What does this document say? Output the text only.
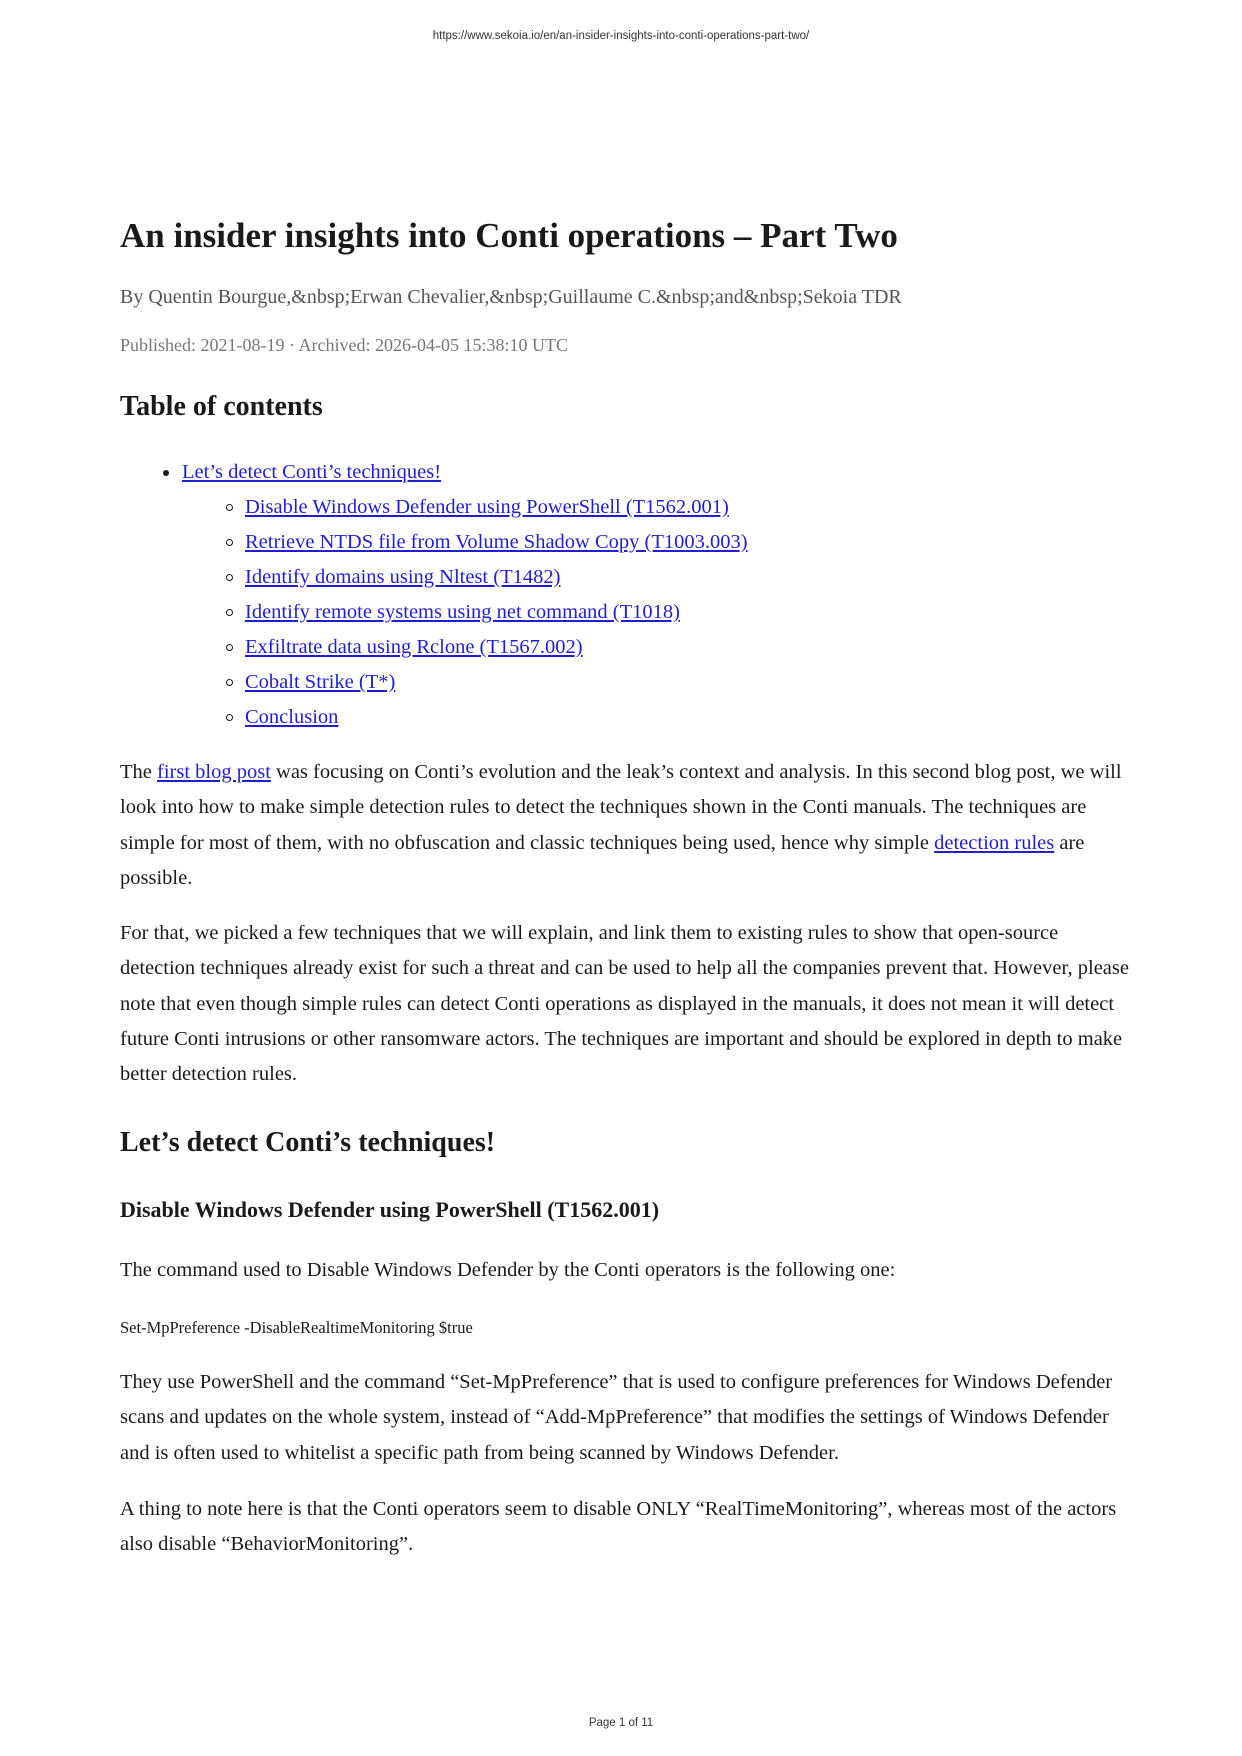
https://www.sekoia.io/en/an-insider-insights-into-conti-operations-part-two/
An insider insights into Conti operations – Part Two
By Quentin Bourgue,&nbsp;Erwan Chevalier,&nbsp;Guillaume C.&nbsp;and&nbsp;Sekoia TDR
Published: 2021-08-19 · Archived: 2026-04-05 15:38:10 UTC
Table of contents
Let’s detect Conti’s techniques!
Disable Windows Defender using PowerShell (T1562.001)
Retrieve NTDS file from Volume Shadow Copy (T1003.003)
Identify domains using Nltest (T1482)
Identify remote systems using net command (T1018)
Exfiltrate data using Rclone (T1567.002)
Cobalt Strike (T*)
Conclusion

The first blog post was focusing on Conti’s evolution and the leak’s context and analysis. In this second blog post, we will look into how to make simple detection rules to detect the techniques shown in the Conti manuals. The techniques are simple for most of them, with no obfuscation and classic techniques being used, hence why simple detection rules are possible.

For that, we picked a few techniques that we will explain, and link them to existing rules to show that open-source detection techniques already exist for such a threat and can be used to help all the companies prevent that. However, please note that even though simple rules can detect Conti operations as displayed in the manuals, it does not mean it will detect future Conti intrusions or other ransomware actors. The techniques are important and should be explored in depth to make better detection rules.

Let’s detect Conti’s techniques!
Disable Windows Defender using PowerShell (T1562.001)

The command used to Disable Windows Defender by the Conti operators is the following one:

Set-MpPreference -DisableRealtimeMonitoring $true

They use PowerShell and the command “Set-MpPreference” that is used to configure preferences for Windows Defender scans and updates on the whole system, instead of “Add-MpPreference” that modifies the settings of Windows Defender and is often used to whitelist a specific path from being scanned by Windows Defender.

A thing to note here is that the Conti operators seem to disable ONLY “RealTimeMonitoring”, whereas most of the actors also disable “BehaviorMonitoring”.

Page 1 of 11
